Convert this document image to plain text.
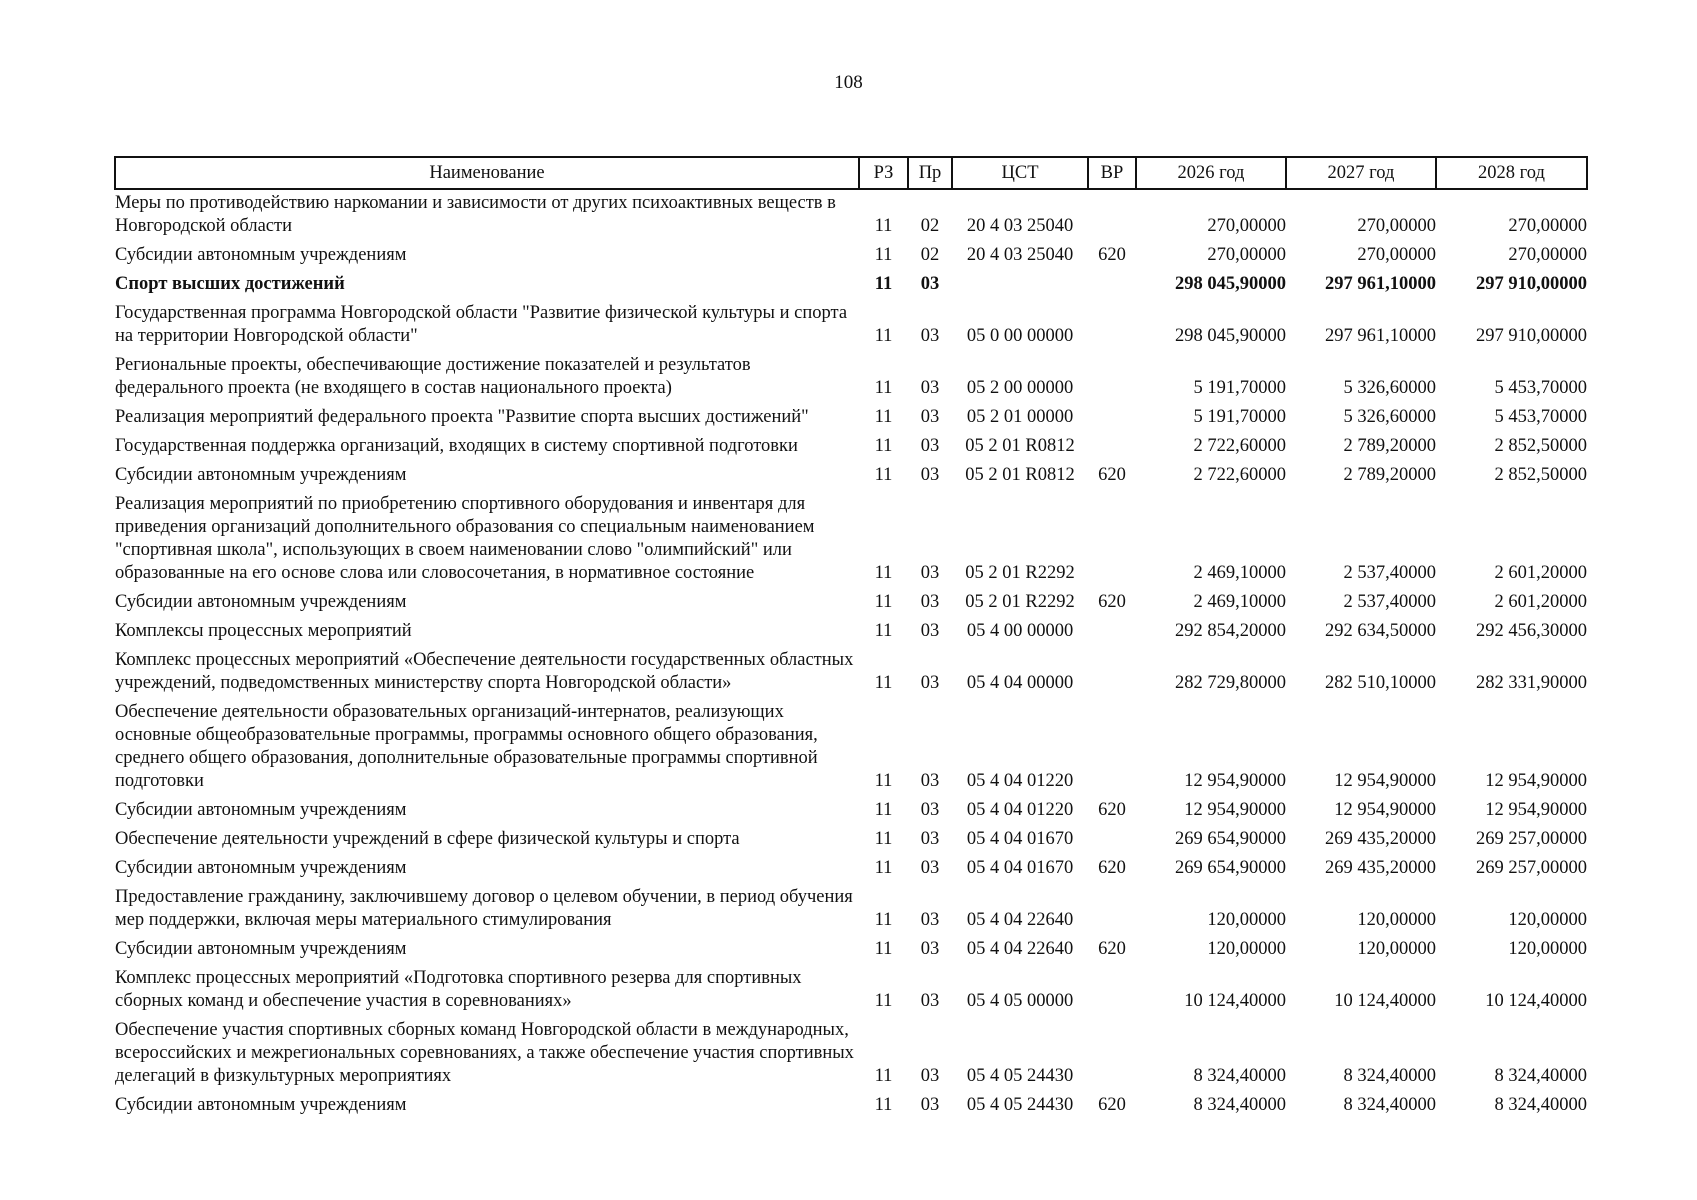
108
Наименование	РЗ	Пр	ЦСТ	ВР	2026 год	2027 год	2028 год
Меры по противодействию наркомании и зависимости от других психоактивных веществ в Новгородской области	11	02	20 4 03 25040		270,00000	270,00000	270,00000
Субсидии автономным учреждениям	11	02	20 4 03 25040	620	270,00000	270,00000	270,00000
Спорт высших достижений	11	03			298 045,90000	297 961,10000	297 910,00000
Государственная программа Новгородской области "Развитие физической культуры и спорта на территории Новгородской области"	11	03	05 0 00 00000		298 045,90000	297 961,10000	297 910,00000
Региональные проекты, обеспечивающие достижение показателей и результатов федерального проекта (не входящего в состав национального проекта)	11	03	05 2 00 00000		5 191,70000	5 326,60000	5 453,70000
Реализация мероприятий федерального проекта "Развитие спорта высших достижений"	11	03	05 2 01 00000		5 191,70000	5 326,60000	5 453,70000
Государственная поддержка организаций, входящих в систему спортивной подготовки	11	03	05 2 01 R0812		2 722,60000	2 789,20000	2 852,50000
Субсидии автономным учреждениям	11	03	05 2 01 R0812	620	2 722,60000	2 789,20000	2 852,50000
Реализация мероприятий по приобретению спортивного оборудования и инвентаря для приведения организаций дополнительного образования со специальным наименованием "спортивная школа", использующих в своем наименовании слово "олимпийский" или образованные на его основе слова или словосочетания, в нормативное состояние	11	03	05 2 01 R2292		2 469,10000	2 537,40000	2 601,20000
Субсидии автономным учреждениям	11	03	05 2 01 R2292	620	2 469,10000	2 537,40000	2 601,20000
Комплексы процессных мероприятий	11	03	05 4 00 00000		292 854,20000	292 634,50000	292 456,30000
Комплекс процессных мероприятий «Обеспечение деятельности государственных областных учреждений, подведомственных министерству спорта Новгородской области»	11	03	05 4 04 00000		282 729,80000	282 510,10000	282 331,90000
Обеспечение деятельности образовательных организаций-интернатов, реализующих основные общеобразовательные программы, программы основного общего образования, среднего общего образования, дополнительные образовательные программы спортивной подготовки	11	03	05 4 04 01220		12 954,90000	12 954,90000	12 954,90000
Субсидии автономным учреждениям	11	03	05 4 04 01220	620	12 954,90000	12 954,90000	12 954,90000
Обеспечение деятельности учреждений в сфере физической культуры и спорта	11	03	05 4 04 01670		269 654,90000	269 435,20000	269 257,00000
Субсидии автономным учреждениям	11	03	05 4 04 01670	620	269 654,90000	269 435,20000	269 257,00000
Предоставление гражданину, заключившему договор о целевом обучении, в период обучения мер поддержки, включая меры материального стимулирования	11	03	05 4 04 22640		120,00000	120,00000	120,00000
Субсидии автономным учреждениям	11	03	05 4 04 22640	620	120,00000	120,00000	120,00000
Комплекс процессных мероприятий «Подготовка спортивного резерва для спортивных сборных команд и обеспечение участия в соревнованиях»	11	03	05 4 05 00000		10 124,40000	10 124,40000	10 124,40000
Обеспечение участия спортивных сборных команд Новгородской области в международных, всероссийских и межрегиональных соревнованиях, а также обеспечение участия спортивных делегаций в физкультурных мероприятиях	11	03	05 4 05 24430		8 324,40000	8 324,40000	8 324,40000
Субсидии автономным учреждениям	11	03	05 4 05 24430	620	8 324,40000	8 324,40000	8 324,40000
